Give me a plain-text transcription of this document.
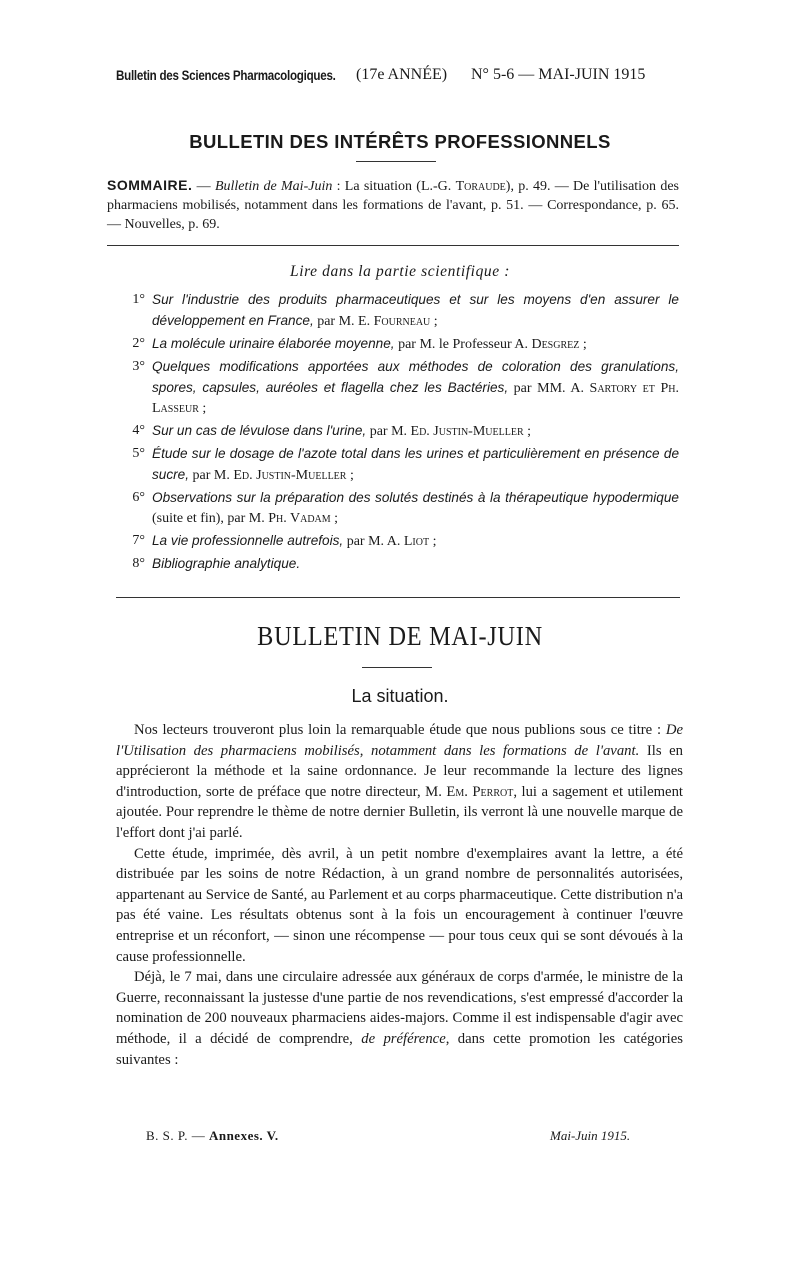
Bulletin des Sciences Pharmacologiques. (17e ANNÉE) N° 5-6 — MAI-JUIN 1915
BULLETIN DES INTÉRÊTS PROFESSIONNELS
SOMMAIRE. — Bulletin de Mai-Juin : La situation (L.-G. Toraude), p. 49. — De l'utilisation des pharmaciens mobilisés, notamment dans les formations de l'avant, p. 51. — Correspondance, p. 65. — Nouvelles, p. 69.
Lire dans la partie scientifique :
1° Sur l'industrie des produits pharmaceutiques et sur les moyens d'en assurer le développement en France, par M. E. Fourneau ;
2° La molécule urinaire élaborée moyenne, par M. le Professeur A. Desgrez ;
3° Quelques modifications apportées aux méthodes de coloration des granulations, spores, capsules, auréoles et flagella chez les Bactéries, par MM. A. Sartory et Ph. Lasseur ;
4° Sur un cas de lévulose dans l'urine, par M. Ed. Justin-Mueller ;
5° Étude sur le dosage de l'azote total dans les urines et particulièrement en présence de sucre, par M. Ed. Justin-Mueller ;
6° Observations sur la préparation des solutés destinés à la thérapeutique hypodermique (suite et fin), par M. Ph. Vadam ;
7° La vie professionnelle autrefois, par M. A. Liot ;
8° Bibliographie analytique.
BULLETIN DE MAI-JUIN
La situation.

Nos lecteurs trouveront plus loin la remarquable étude que nous publions sous ce titre : De l'Utilisation des pharmaciens mobilisés, notamment dans les formations de l'avant. Ils en apprécieront la méthode et la saine ordonnance. Je leur recommande la lecture des lignes d'introduction, sorte de préface que notre directeur, M. Em. Perrot, lui a sagement et utilement ajoutée. Pour reprendre le thème de notre dernier Bulletin, ils verront là une nouvelle marque de l'effort dont j'ai parlé.

Cette étude, imprimée, dès avril, à un petit nombre d'exemplaires avant la lettre, a été distribuée par les soins de notre Rédaction, à un grand nombre de personnalités autorisées, appartenant au Service de Santé, au Parlement et au corps pharmaceutique. Cette distribution n'a pas été vaine. Les résultats obtenus sont à la fois un encouragement à continuer l'œuvre entreprise et un réconfort, — sinon une récompense — pour tous ceux qui se sont dévoués à la cause professionnelle.

Déjà, le 7 mai, dans une circulaire adressée aux généraux de corps d'armée, le ministre de la Guerre, reconnaissant la justesse d'une partie de nos revendications, s'est empressé d'accorder la nomination de 200 nouveaux pharmaciens aides-majors. Comme il est indispensable d'agir avec méthode, il a décidé de comprendre, de préférence, dans cette promotion les catégories suivantes :

B. S. P. — Annexes. V.	Mai-Juin 1915.
